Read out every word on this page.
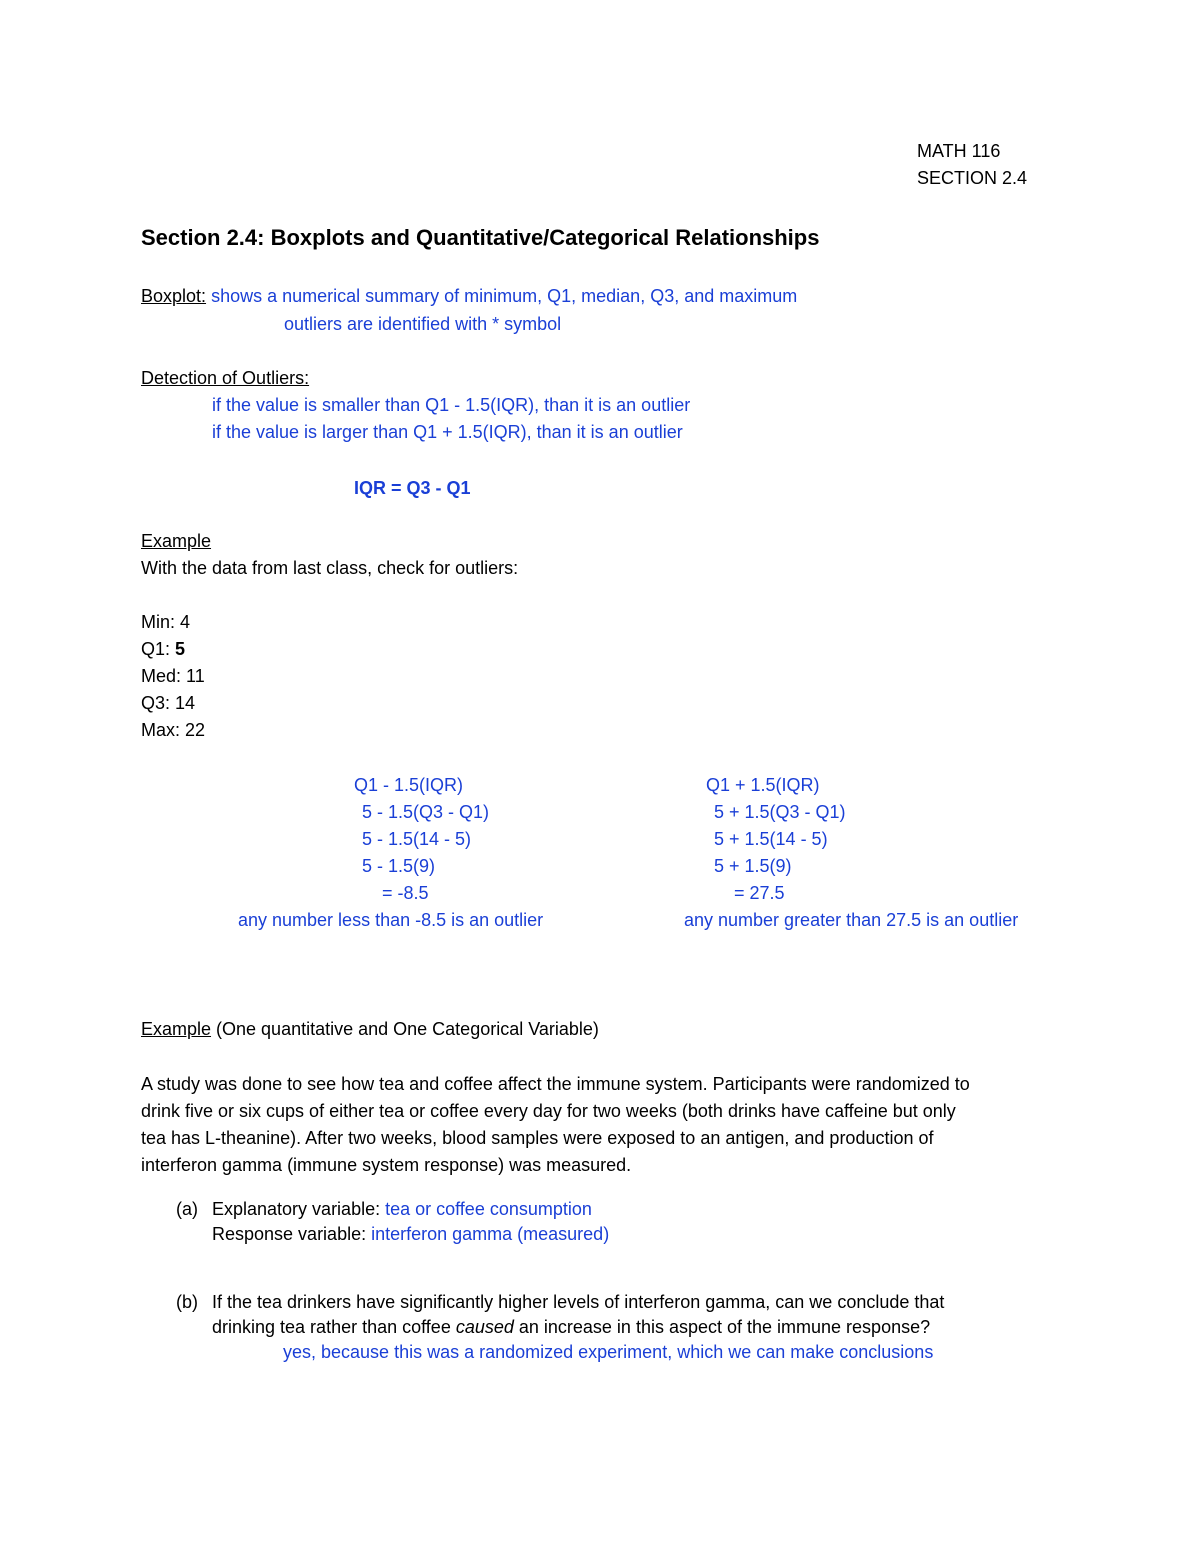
MATH 116
SECTION 2.4
Section 2.4: Boxplots and Quantitative/Categorical Relationships
Boxplot: shows a numerical summary of minimum, Q1, median, Q3, and maximum
outliers are identified with * symbol
Detection of Outliers:
if the value is smaller than Q1 - 1.5(IQR), than it is an outlier
if the value is larger than Q1 + 1.5(IQR), than it is an outlier
IQR = Q3 - Q1
Example
With the data from last class, check for outliers:
Min: 4
Q1: 5
Med: 11
Q3: 14
Max: 22
Q1 - 1.5(IQR)
5 - 1.5(Q3 - Q1)
5 - 1.5(14 - 5)
5 - 1.5(9)
= -8.5
any number less than -8.5 is an outlier
Q1 + 1.5(IQR)
5 + 1.5(Q3 - Q1)
5 + 1.5(14 - 5)
5 + 1.5(9)
= 27.5
any number greater than 27.5 is an outlier
Example (One quantitative and One Categorical Variable)
A study was done to see how tea and coffee affect the immune system. Participants were randomized to
drink five or six cups of either tea or coffee every day for two weeks (both drinks have caffeine but only
tea has L-theanine). After two weeks, blood samples were exposed to an antigen, and production of
interferon gamma (immune system response) was measured.
(a) Explanatory variable: tea or coffee consumption
Response variable: interferon gamma (measured)
(b) If the tea drinkers have significantly higher levels of interferon gamma, can we conclude that
drinking tea rather than coffee caused an increase in this aspect of the immune response?
yes, because this was a randomized experiment, which we can make conclusions
